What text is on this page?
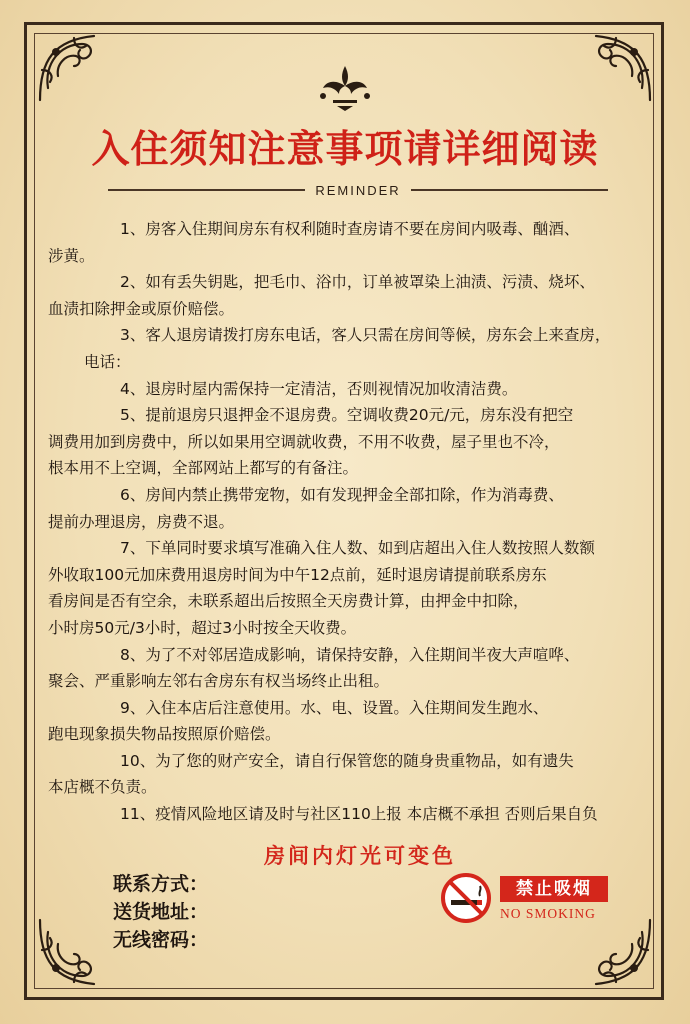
入住须知注意事项请详细阅读
REMINDER
1、房客入住期间房东有权利随时查房请不要在房间内吸毒、酗酒、
涉黄。
2、如有丢失钥匙，把毛巾、浴巾，订单被罩染上油渍、污渍、烧坏、
血渍扣除押金或原价赔偿。
3、客人退房请拨打房东电话，客人只需在房间等候，房东会上来查房，
电话：
4、退房时屋内需保持一定清洁，否则视情况加收清洁费。
5、提前退房只退押金不退房费。空调收费20元/元，房东没有把空
调费用加到房费中，所以如果用空调就收费，不用不收费，屋子里也不冷，
根本用不上空调，全部网站上都写的有备注。
6、房间内禁止携带宠物，如有发现押金全部扣除，作为消毒费、
提前办理退房，房费不退。
7、下单同时要求填写准确入住人数、如到店超出入住人数按照人数额
外收取100元加床费用退房时间为中午12点前，延时退房请提前联系房东
看房间是否有空余，未联系超出后按照全天房费计算，由押金中扣除，
小时房50元/3小时，超过3小时按全天收费。
8、为了不对邻居造成影响，请保持安静，入住期间半夜大声喧哗、
聚会、严重影响左邻右舍房东有权当场终止出租。
9、入住本店后注意使用。水、电、设置。入住期间发生跑水、
跑电现象损失物品按照原价赔偿。
10、为了您的财产安全，请自行保管您的随身贵重物品，如有遗失
本店概不负责。
11、疫情风险地区请及时与社区110上报 本店概不承担 否则后果自负
房间内灯光可变色
联系方式：
送货地址：
无线密码：
禁止吸烟
NO SMOKING
